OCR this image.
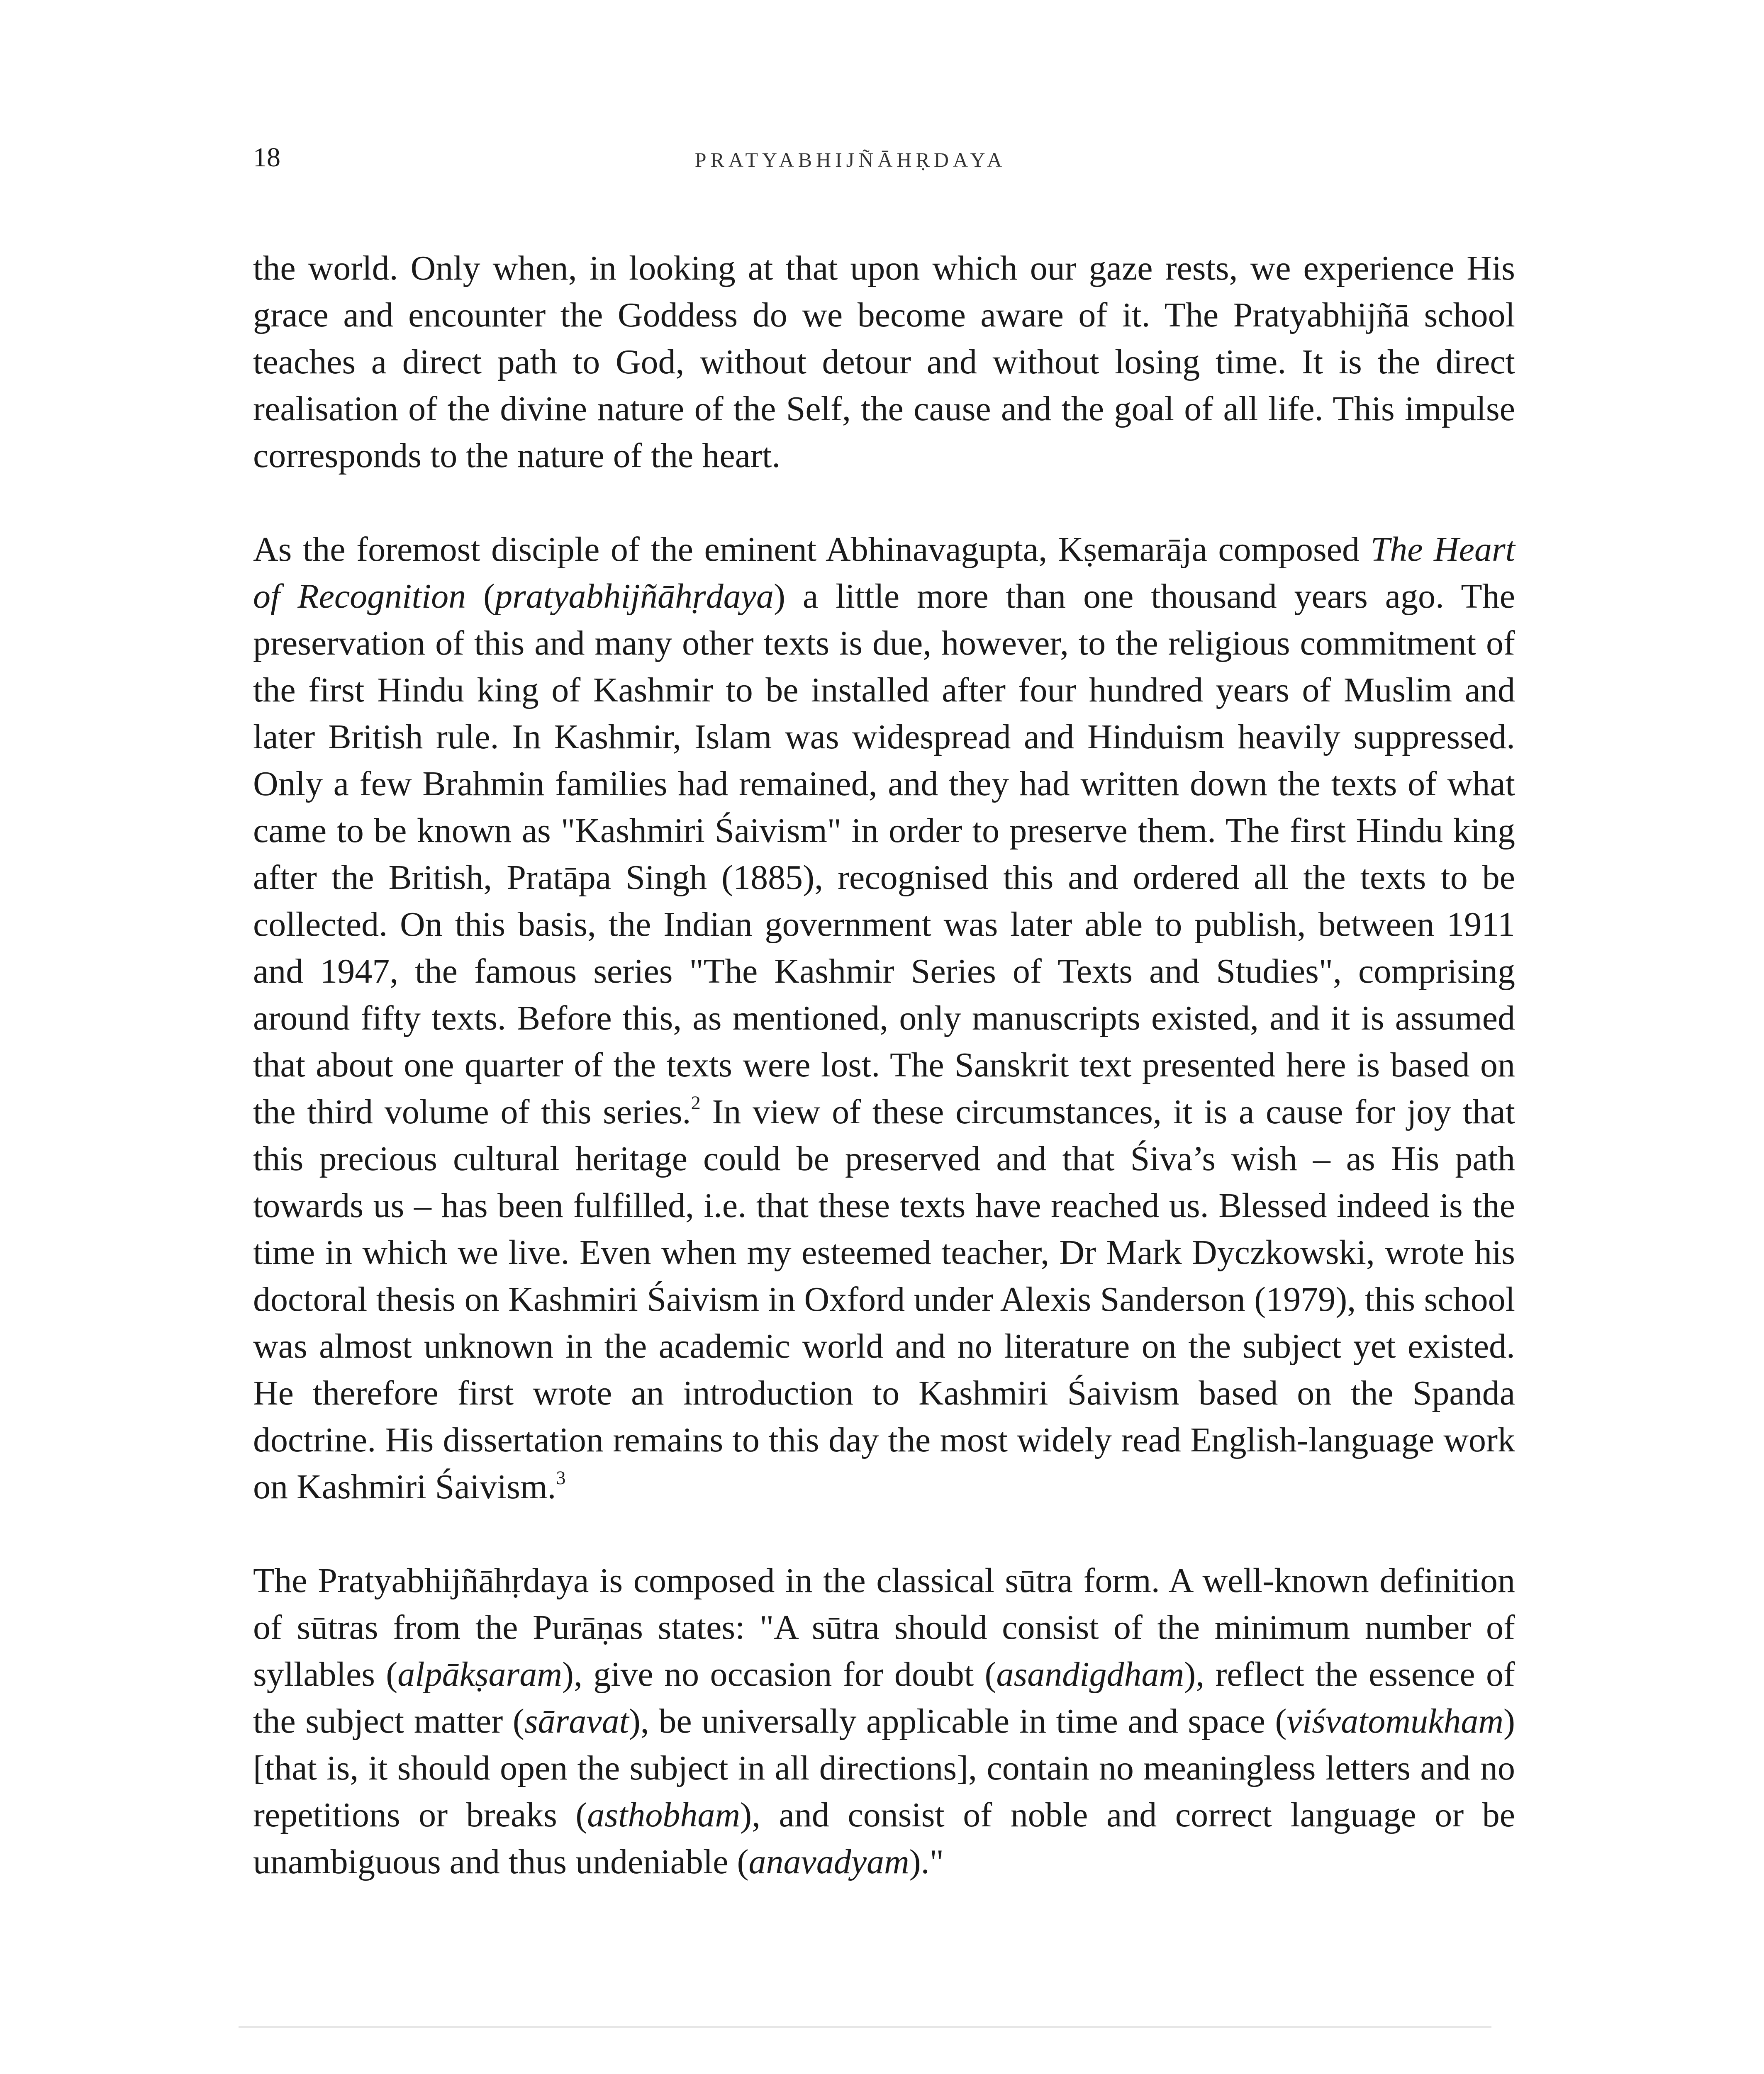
18	PRATYABHIJÑĀHṚDAYA

the world. Only when, in looking at that upon which our gaze rests, we experience His grace and encounter the Goddess do we become aware of it. The Pratyabhijñā school teaches a direct path to God, without detour and without losing time. It is the direct realisation of the divine nature of the Self, the cause and the goal of all life. This impulse corresponds to the nature of the heart.

As the foremost disciple of the eminent Abhinavagupta, Kṣemarāja composed The Heart of Recognition (pratyabhijñāhṛdaya) a little more than one thousand years ago. The preservation of this and many other texts is due, however, to the religious commitment of the first Hindu king of Kashmir to be installed after four hundred years of Muslim and later British rule. In Kashmir, Islam was widespread and Hinduism heavily suppressed. Only a few Brahmin families had remained, and they had written down the texts of what came to be known as "Kashmiri Śaivism" in order to preserve them. The first Hindu king after the British, Pratāpa Singh (1885), recognised this and ordered all the texts to be collected. On this basis, the Indian government was later able to publish, between 1911 and 1947, the famous series "The Kashmir Series of Texts and Studies", comprising around fifty texts. Before this, as mentioned, only manuscripts existed, and it is assumed that about one quarter of the texts were lost. The Sanskrit text presented here is based on the third volume of this series.$^2$ In view of these circumstances, it is a cause for joy that this precious cultural heritage could be preserved and that Śiva’s wish – as His path towards us – has been fulfilled, i.e. that these texts have reached us. Blessed indeed is the time in which we live. Even when my esteemed teacher, Dr Mark Dyczkowski, wrote his doctoral thesis on Kashmiri Śaivism in Oxford under Alexis Sanderson (1979), this school was almost unknown in the academic world and no literature on the subject yet existed. He therefore first wrote an introduction to Kashmiri Śaivism based on the Spanda doctrine. His dissertation remains to this day the most widely read English-language work on Kashmiri Śaivism.$^3$

The Pratyabhijñāhṛdaya is composed in the classical sūtra form. A well-known definition of sūtras from the Purāṇas states: "A sūtra should consist of the minimum number of syllables (alpākṣaram), give no occasion for doubt (asandigdham), reflect the essence of the subject matter (sāravat), be universally applicable in time and space (viśvatomukham) [that is, it should open the subject in all directions], contain no meaningless letters and no repetitions or breaks (asthobham), and consist of noble and correct language or be unambiguous and thus undeniable (anavadyam)."
